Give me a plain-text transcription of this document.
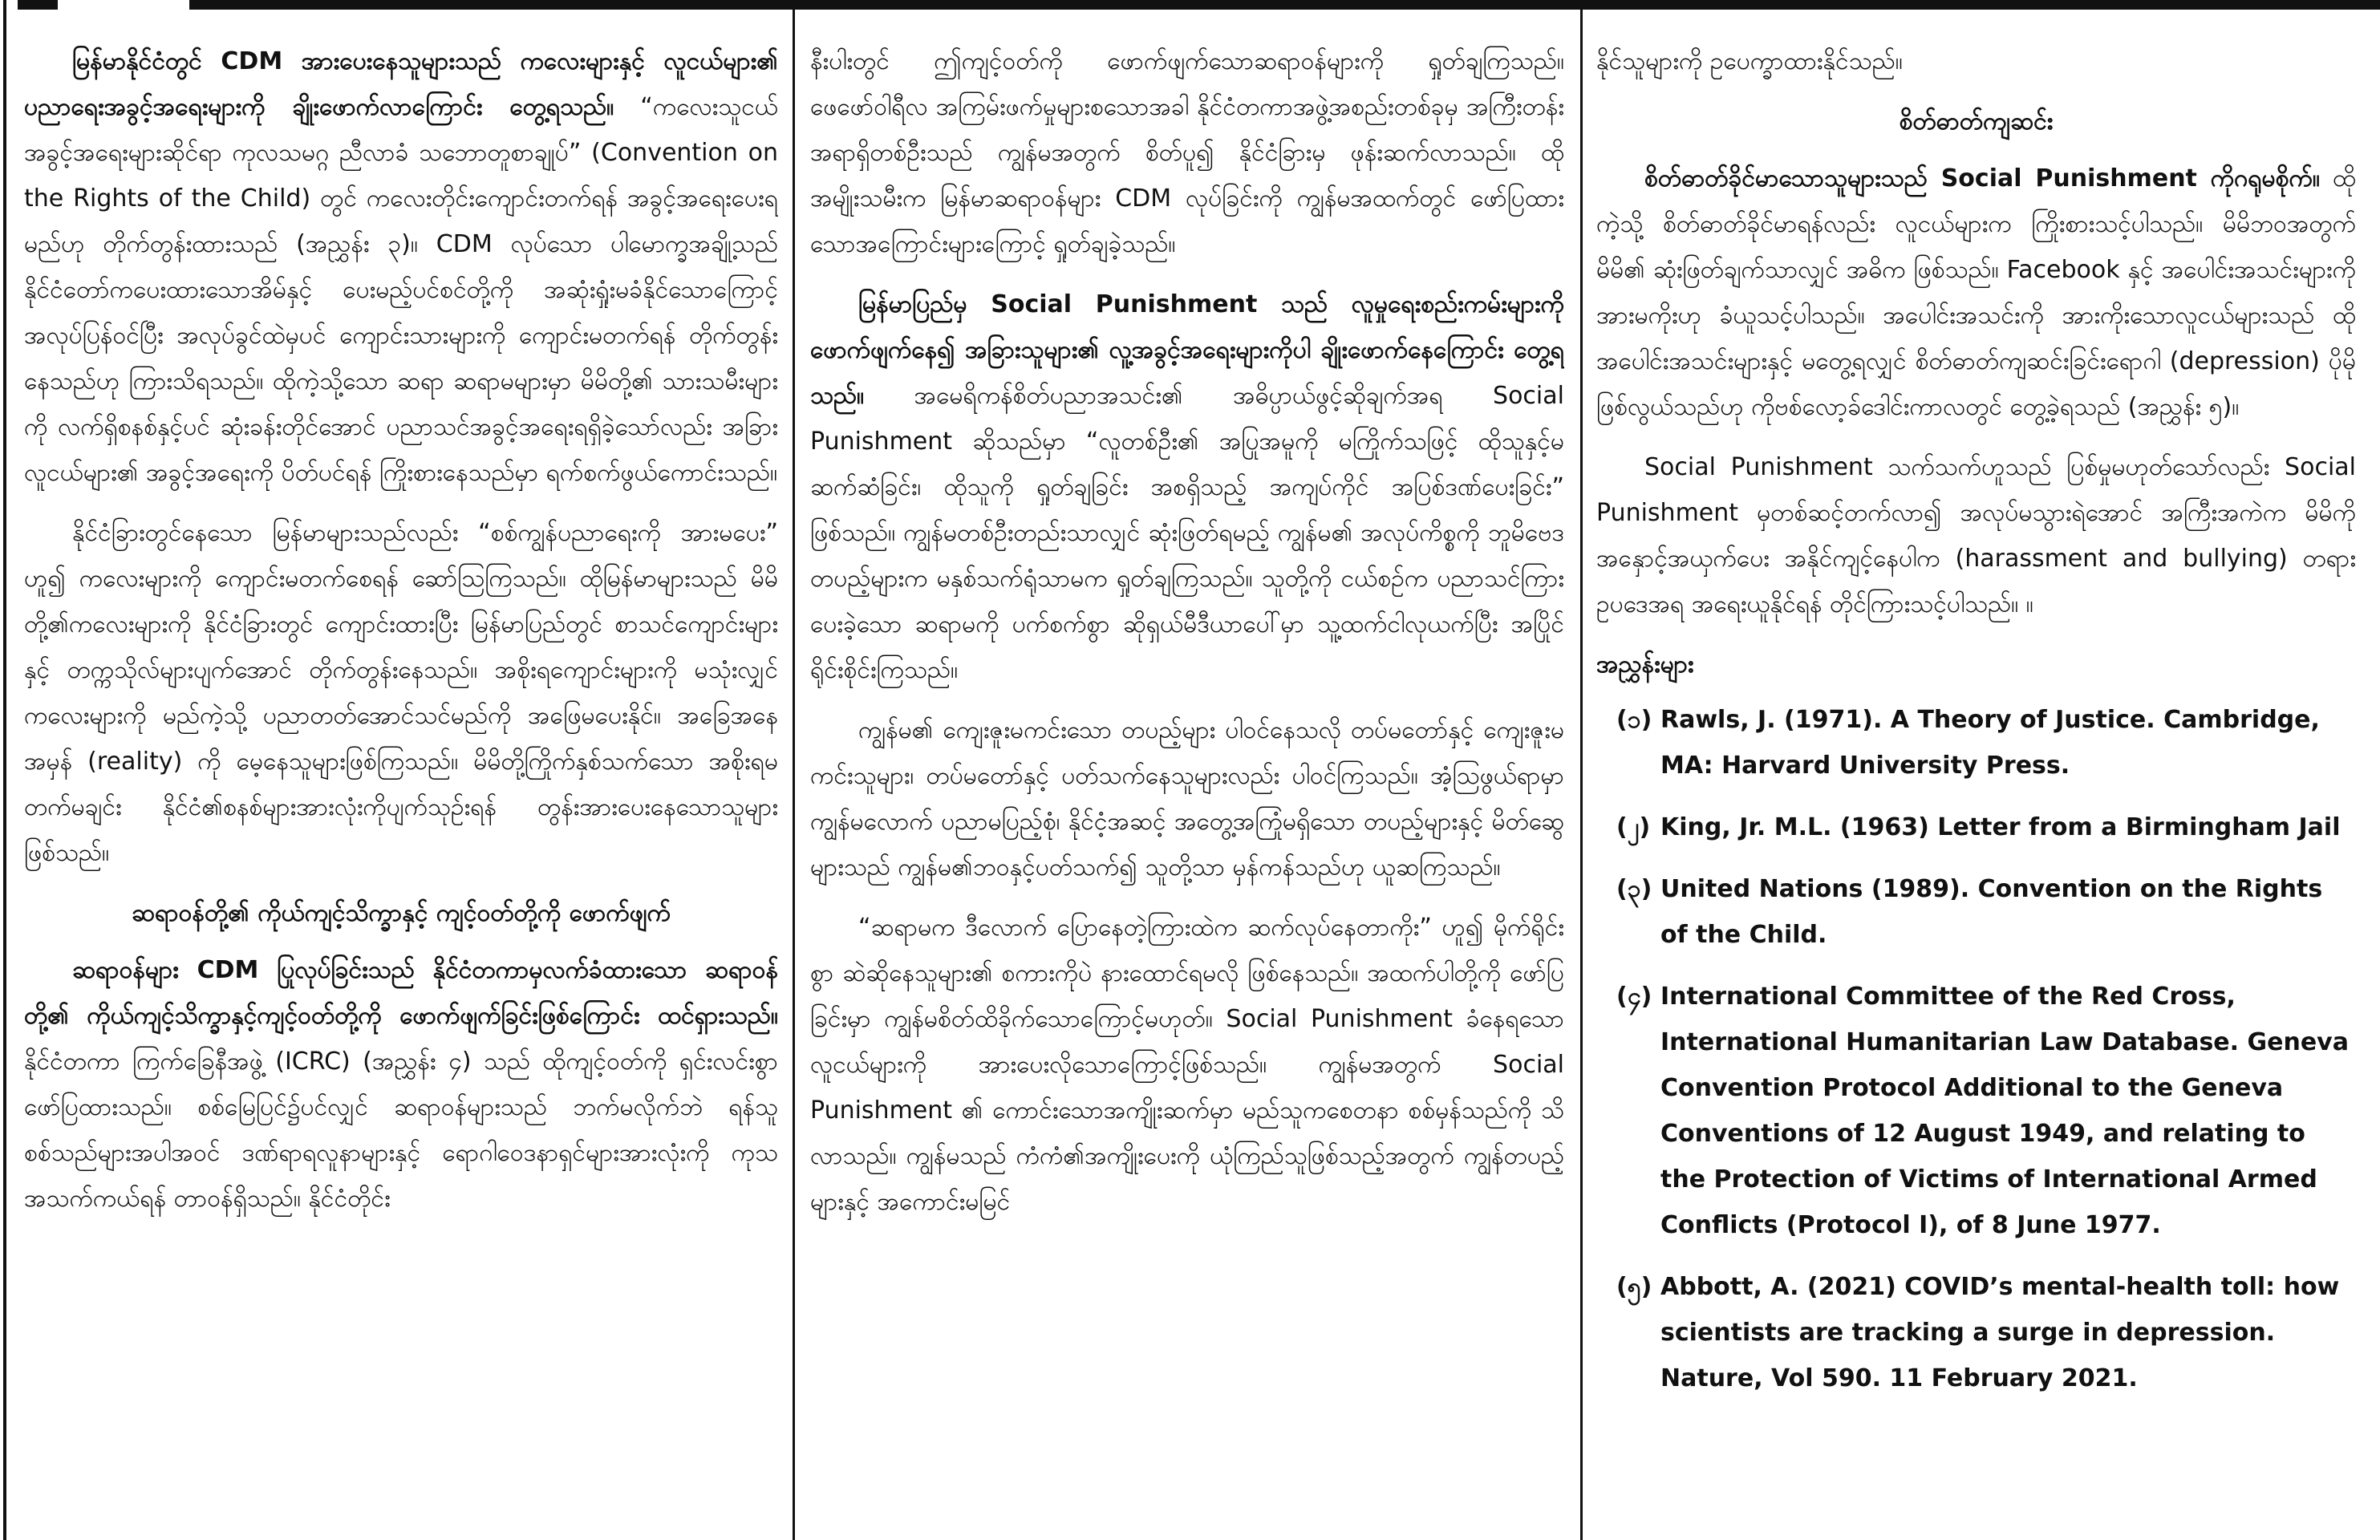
မြန်မာနိုင်ငံတွင် CDM အားပေးနေသူများသည် ကလေးများနှင့် လူငယ်များ၏ ပညာရေးအခွင့်အရေးများကို ချိုးဖောက်လာကြောင်း တွေ့ရသည်။ “ကလေးသူငယ်အခွင့်အရေးများဆိုင်ရာ ကုလသမဂ္ဂ ညီလာခံ သဘောတူစာချုပ်” (Convention on the Rights of the Child) တွင် ကလေးတိုင်းကျောင်းတက်ရန် အခွင့်အရေးပေးရမည်ဟု တိုက်တွန်းထားသည် (အညွှန်း ၃)။ CDM လုပ်သော ပါမောက္ခအချို့သည် နိုင်ငံတော်ကပေးထားသောအိမ်နှင့် ပေးမည့်ပင်စင်တို့ကို အဆုံးရှုံးမခံနိုင်သောကြောင့် အလုပ်ပြန်ဝင်ပြီး အလုပ်ခွင်ထဲမှပင် ကျောင်းသားများကို ကျောင်းမတက်ရန် တိုက်တွန်းနေသည်ဟု ကြားသိရသည်။ ထိုကဲ့သို့သော ဆရာ ဆရာမများမှာ မိမိတို့၏ သားသမီးများကို လက်ရှိစနစ်နှင့်ပင် ဆုံးခန်းတိုင်အောင် ပညာသင်အခွင့်အရေးရရှိခဲ့သော်လည်း အခြားလူငယ်များ၏ အခွင့်အရေးကို ပိတ်ပင်ရန် ကြိုးစားနေသည်မှာ ရက်စက်ဖွယ်ကောင်းသည်။

နိုင်ငံခြားတွင်နေသော မြန်မာများသည်လည်း “စစ်ကျွန်ပညာရေးကို အားမပေး” ဟူ၍ ကလေးများကို ကျောင်းမတက်စေရန် ဆော်ဩကြသည်။ ထိုမြန်မာများသည် မိမိတို့၏ကလေးများကို နိုင်ငံခြားတွင် ကျောင်းထားပြီး မြန်မာပြည်တွင် စာသင်ကျောင်းများနှင့် တက္ကသိုလ်များပျက်အောင် တိုက်တွန်းနေသည်။ အစိုးရကျောင်းများကို မသုံးလျှင် ကလေးများကို မည်ကဲ့သို့ ပညာတတ်အောင်သင်မည်ကို အဖြေမပေးနိုင်။ အခြေအနေအမှန် (reality) ကို မေ့နေသူများဖြစ်ကြသည်။ မိမိတို့ကြိုက်နှစ်သက်သော အစိုးရမတက်မချင်း နိုင်ငံ၏စနစ်များအားလုံးကိုပျက်သုဉ်းရန် တွန်းအားပေးနေသောသူများ ဖြစ်သည်။

ဆရာဝန်တို့၏ ကိုယ်ကျင့်သိက္ခာနှင့် ကျင့်ဝတ်တို့ကို ဖောက်ဖျက်

ဆရာဝန်များ CDM ပြုလုပ်ခြင်းသည် နိုင်ငံတကာမှလက်ခံထားသော ဆရာဝန်တို့၏ ကိုယ်ကျင့်သိက္ခာနှင့်ကျင့်ဝတ်တို့ကို ဖောက်ဖျက်ခြင်းဖြစ်ကြောင်း ထင်ရှားသည်။ နိုင်ငံတကာ ကြက်ခြေနီအဖွဲ့ (ICRC) (အညွှန်း ၄) သည် ထိုကျင့်ဝတ်ကို ရှင်းလင်းစွာ ဖော်ပြထားသည်။ စစ်မြေပြင်၌ပင်လျှင် ဆရာဝန်များသည် ဘက်မလိုက်ဘဲ ရန်သူစစ်သည်များအပါအဝင် ဒဏ်ရာရလူနာများနှင့် ရောဂါဝေဒနာရှင်များအားလုံးကို ကုသအသက်ကယ်ရန် တာဝန်ရှိသည်။ နိုင်ငံတိုင်း

နီးပါးတွင် ဤကျင့်ဝတ်ကို ဖောက်ဖျက်သောဆရာဝန်များကို ရှုတ်ချကြသည်။ ဖေဖော်ဝါရီလ အကြမ်းဖက်မှုများစသောအခါ နိုင်ငံတကာအဖွဲ့အစည်းတစ်ခုမှ အကြီးတန်းအရာရှိတစ်ဦးသည် ကျွန်မအတွက် စိတ်ပူ၍ နိုင်ငံခြားမှ ဖုန်းဆက်လာသည်။ ထိုအမျိုးသမီးက မြန်မာဆရာဝန်များ CDM လုပ်ခြင်းကို ကျွန်မအထက်တွင် ဖော်ပြထားသောအကြောင်းများကြောင့် ရှုတ်ချခဲ့သည်။

မြန်မာပြည်မှ Social Punishment သည် လူမှုရေးစည်းကမ်းများကို ဖောက်ဖျက်နေ၍ အခြားသူများ၏ လူ့အခွင့်အရေးများကိုပါ ချိုးဖောက်နေကြောင်း တွေ့ရသည်။ အမေရိကန်စိတ်ပညာအသင်း၏ အဓိပ္ပာယ်ဖွင့်ဆိုချက်အရ Social Punishment ဆိုသည်မှာ “လူတစ်ဦး၏ အပြုအမူကို မကြိုက်သဖြင့် ထိုသူနှင့်မဆက်ဆံခြင်း၊ ထိုသူကို ရှုတ်ချခြင်း အစရှိသည့် အကျပ်ကိုင် အပြစ်ဒဏ်ပေးခြင်း” ဖြစ်သည်။ ကျွန်မတစ်ဦးတည်းသာလျှင် ဆုံးဖြတ်ရမည့် ကျွန်မ၏ အလုပ်ကိစ္စကို ဘူမိဗေဒတပည့်များက မနှစ်သက်ရုံသာမက ရှုတ်ချကြသည်။ သူတို့ကို ငယ်စဉ်က ပညာသင်ကြားပေးခဲ့သော ဆရာမကို ပက်စက်စွာ ဆိုရှယ်မီဒီယာပေါ်မှာ သူ့ထက်ငါလုယက်ပြီး အပြိုင်ရိုင်းစိုင်းကြသည်။

ကျွန်မ၏ ကျေးဇူးမကင်းသော တပည့်များ ပါဝင်နေသလို တပ်မတော်နှင့် ကျေးဇူးမကင်းသူများ၊ တပ်မတော်နှင့် ပတ်သက်နေသူများလည်း ပါဝင်ကြသည်။ အံ့ဩဖွယ်ရာမှာ ကျွန်မလောက် ပညာမပြည့်စုံ၊ နိုင်ငံ့အဆင့် အတွေ့အကြုံမရှိသော တပည့်များနှင့် မိတ်ဆွေများသည် ကျွန်မ၏ဘဝနှင့်ပတ်သက်၍ သူတို့သာ မှန်ကန်သည်ဟု ယူဆကြသည်။

“ဆရာမက ဒီလောက် ပြောနေတဲ့ကြားထဲက ဆက်လုပ်နေတာကိုး” ဟူ၍ မိုက်ရိုင်းစွာ ဆဲဆိုနေသူများ၏ စကားကိုပဲ နားထောင်ရမလို ဖြစ်နေသည်။ အထက်ပါတို့ကို ဖော်ပြခြင်းမှာ ကျွန်မစိတ်ထိခိုက်သောကြောင့်မဟုတ်။ Social Punishment ခံနေရသော လူငယ်များကို အားပေးလိုသောကြောင့်ဖြစ်သည်။ ကျွန်မအတွက် Social Punishment ၏ ကောင်းသောအကျိုးဆက်မှာ မည်သူကစေတနာ စစ်မှန်သည်ကို သိလာသည်။ ကျွန်မသည် ကံကံ၏အကျိုးပေးကို ယုံကြည်သူဖြစ်သည့်အတွက် ကျွန်တပည့်များနှင့် အကောင်းမမြင်

နိုင်သူများကို ဥပေက္ခာထားနိုင်သည်။

စိတ်ဓာတ်ကျဆင်း

စိတ်ဓာတ်ခိုင်မာသောသူများသည် Social Punishment ကိုဂရုမစိုက်။ ထိုကဲ့သို့ စိတ်ဓာတ်ခိုင်မာရန်လည်း လူငယ်များက ကြိုးစားသင့်ပါသည်။ မိမိဘဝအတွက် မိမိ၏ ဆုံးဖြတ်ချက်သာလျှင် အဓိက ဖြစ်သည်။ Facebook နှင့် အပေါင်းအသင်းများကို အားမကိုးဟု ခံယူသင့်ပါသည်။ အပေါင်းအသင်းကို အားကိုးသောလူငယ်များသည် ထိုအပေါင်းအသင်းများနှင့် မတွေ့ရလျှင် စိတ်ဓာတ်ကျဆင်းခြင်းရောဂါ (depression) ပိုမိုဖြစ်လွယ်သည်ဟု ကိုဗစ်လော့ခ်ဒေါင်းကာလတွင် တွေ့ခဲ့ရသည် (အညွှန်း ၅)။

Social Punishment သက်သက်ဟူသည် ပြစ်မှုမဟုတ်သော်လည်း Social Punishment မှတစ်ဆင့်တက်လာ၍ အလုပ်မသွားရဲအောင် အကြီးအကဲက မိမိကို အနှောင့်အယှက်ပေး အနိုင်ကျင့်နေပါက (harassment and bullying) တရားဥပဒေအရ အရေးယူနိုင်ရန် တိုင်ကြားသင့်ပါသည်။ ။

အညွှန်းများ
(၁) Rawls, J. (1971). A Theory of Justice. Cambridge, MA: Harvard University Press.
(၂) King, Jr. M.L. (1963) Letter from a Birmingham Jail
(၃) United Nations (1989). Convention on the Rights of the Child.
(၄) International Committee of the Red Cross, International Humanitarian Law Database. Geneva Convention Protocol Additional to the Geneva Conventions of 12 August 1949, and relating to the Protection of Victims of International Armed Conflicts (Protocol I), of 8 June 1977.
(၅) Abbott, A. (2021) COVID’s mental-health toll: how scientists are tracking a surge in depression. Nature, Vol 590. 11 February 2021.
